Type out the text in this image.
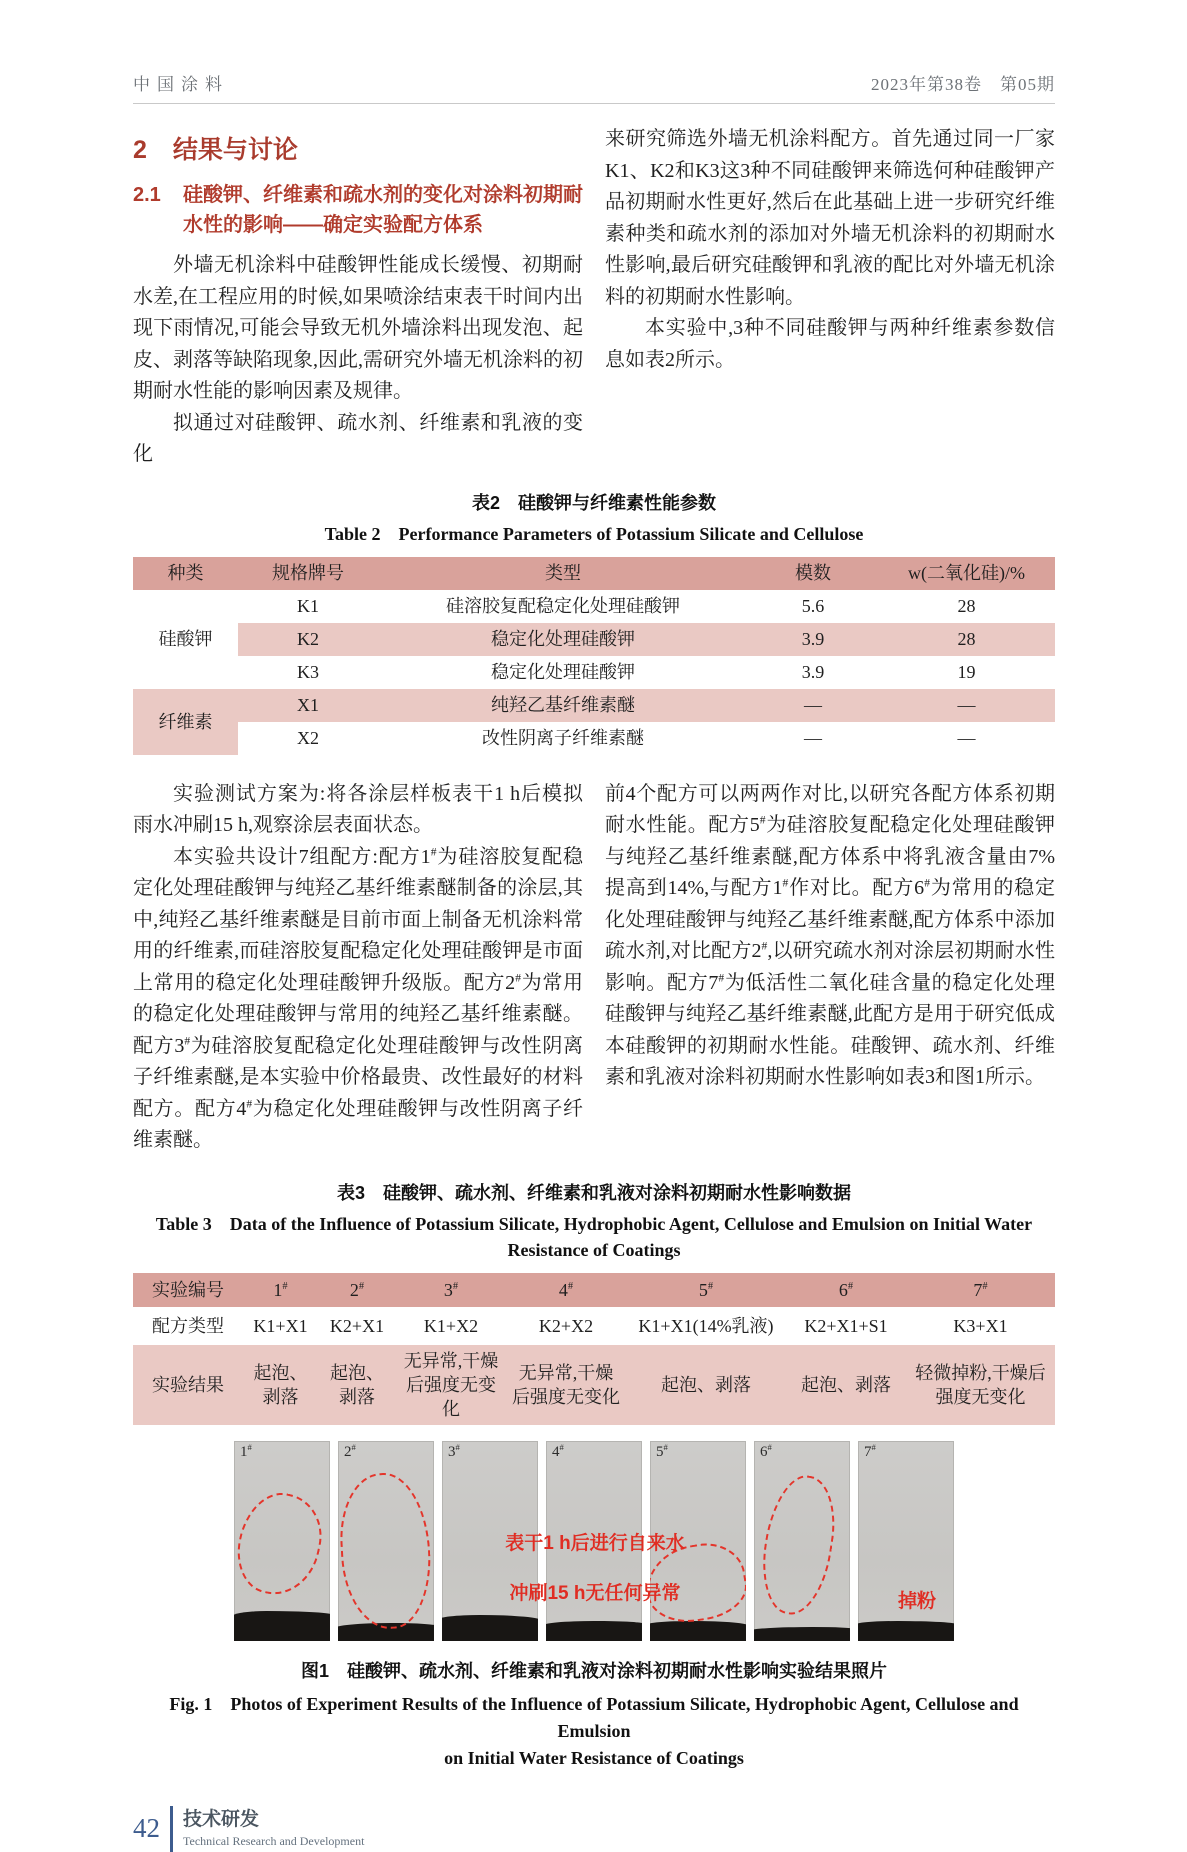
中国涂料	2023年第38卷　第05期
2 结果与讨论
2.1	硅酸钾、纤维素和疏水剂的变化对涂料初期耐水性的影响——确定实验配方体系

外墙无机涂料中硅酸钾性能成长缓慢、初期耐水差,在工程应用的时候,如果喷涂结束表干时间内出现下雨情况,可能会导致无机外墙涂料出现发泡、起皮、剥落等缺陷现象,因此,需研究外墙无机涂料的初期耐水性能的影响因素及规律。

拟通过对硅酸钾、疏水剂、纤维素和乳液的变化

来研究筛选外墙无机涂料配方。首先通过同一厂家K1、K2和K3这3种不同硅酸钾来筛选何种硅酸钾产品初期耐水性更好,然后在此基础上进一步研究纤维素种类和疏水剂的添加对外墙无机涂料的初期耐水性影响,最后研究硅酸钾和乳液的配比对外墙无机涂料的初期耐水性影响。

本实验中,3种不同硅酸钾与两种纤维素参数信息如表2所示。

表2　硅酸钾与纤维素性能参数
Table 2　Performance Parameters of Potassium Silicate and Cellulose
种类	规格牌号	类型	模数	w(二氧化硅)/%
硅酸钾	K1	硅溶胶复配稳定化处理硅酸钾	5.6	28
	K2	稳定化处理硅酸钾	3.9	28
	K3	稳定化处理硅酸钾	3.9	19
纤维素	X1	纯羟乙基纤维素醚	—	—
	X2	改性阴离子纤维素醚	—	—

实验测试方案为:将各涂层样板表干1 h后模拟雨水冲刷15 h,观察涂层表面状态。

本实验共设计7组配方:配方1#为硅溶胶复配稳定化处理硅酸钾与纯羟乙基纤维素醚制备的涂层,其中,纯羟乙基纤维素醚是目前市面上制备无机涂料常用的纤维素,而硅溶胶复配稳定化处理硅酸钾是市面上常用的稳定化处理硅酸钾升级版。配方2#为常用的稳定化处理硅酸钾与常用的纯羟乙基纤维素醚。配方3#为硅溶胶复配稳定化处理硅酸钾与改性阴离子纤维素醚,是本实验中价格最贵、改性最好的材料配方。配方4#为稳定化处理硅酸钾与改性阴离子纤维素醚。

前4个配方可以两两作对比,以研究各配方体系初期耐水性能。配方5#为硅溶胶复配稳定化处理硅酸钾与纯羟乙基纤维素醚,配方体系中将乳液含量由7%提高到14%,与配方1#作对比。配方6#为常用的稳定化处理硅酸钾与纯羟乙基纤维素醚,配方体系中添加疏水剂,对比配方2#,以研究疏水剂对涂层初期耐水性影响。配方7#为低活性二氧化硅含量的稳定化处理硅酸钾与纯羟乙基纤维素醚,此配方是用于研究低成本硅酸钾的初期耐水性能。硅酸钾、疏水剂、纤维素和乳液对涂料初期耐水性影响如表3和图1所示。

表3　硅酸钾、疏水剂、纤维素和乳液对涂料初期耐水性影响数据
Table 3　Data of the Influence of Potassium Silicate, Hydrophobic Agent, Cellulose and Emulsion on Initial Water
Resistance of Coatings
实验编号	1#	2#	3#	4#	5#	6#	7#
配方类型	K1+X1	K2+X1	K1+X2	K2+X2	K1+X1(14%乳液)	K2+X1+S1	K3+X1
实验结果	起泡、剥落	起泡、剥落	无异常,干燥后强度无变化	无异常,干燥后强度无变化	起泡、剥落	起泡、剥落	轻微掉粉,干燥后强度无变化
1#	2#	3#	4#	5#	6#	7#
表干1 h后进行自来水
冲刷15 h无任何异常	掉粉
图1　硅酸钾、疏水剂、纤维素和乳液对涂料初期耐水性影响实验结果照片
Fig. 1　Photos of Experiment Results of the Influence of Potassium Silicate, Hydrophobic Agent, Cellulose and Emulsion
on Initial Water Resistance of Coatings
42 技术研发
Technical Research and Development
